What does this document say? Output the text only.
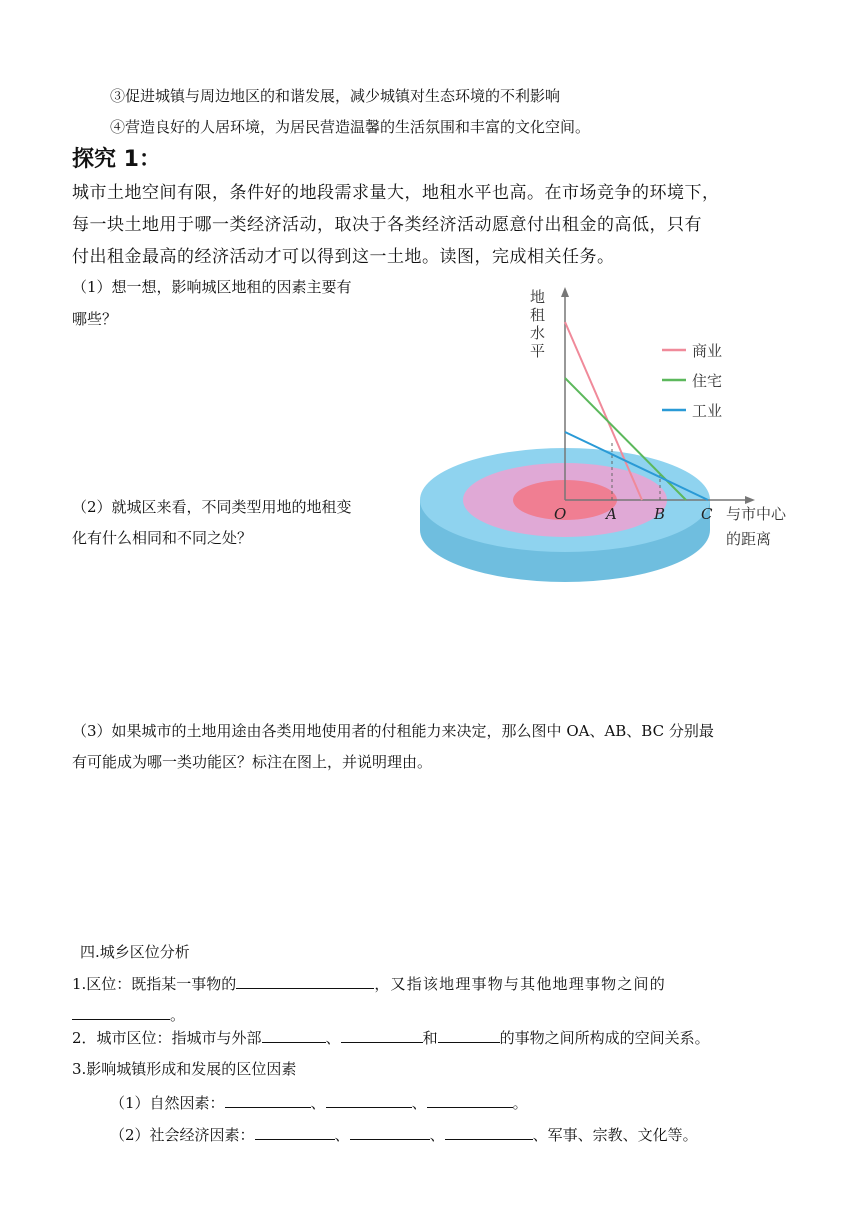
③促进城镇与周边地区的和谐发展，减少城镇对生态环境的不利影响
④营造良好的人居环境，为居民营造温馨的生活氛围和丰富的文化空间。
探究 1：
城市土地空间有限，条件好的地段需求量大，地租水平也高。在市场竞争的环境下，
每一块土地用于哪一类经济活动，取决于各类经济活动愿意付出租金的高低，只有
付出租金最高的经济活动才可以得到这一土地。读图，完成相关任务。
（1）想一想，影响城区地租的因素主要有
哪些？
（2）就城区来看，不同类型用地的地租变
化有什么相同和不同之处？
商业
住宅
工业
地
租
水
平
与市中心
的距离
O	A B C
（3）如果城市的土地用途由各类用地使用者的付租能力来决定，那么图中 OA、AB、BC 分别最
有可能成为哪一类功能区？标注在图上，并说明理由。
四.城乡区位分析
1.区位：既指某一事物的	，又指该地理事物与其他地理事物之间的
。
2．城市区位：指城市与外部	、	和	的事物之间所构成的空间关系。
3.影响城镇形成和发展的区位因素
（1）自然因素：	、	、	。
（2）社会经济因素：	、	、	、军事、宗教、文化等。
